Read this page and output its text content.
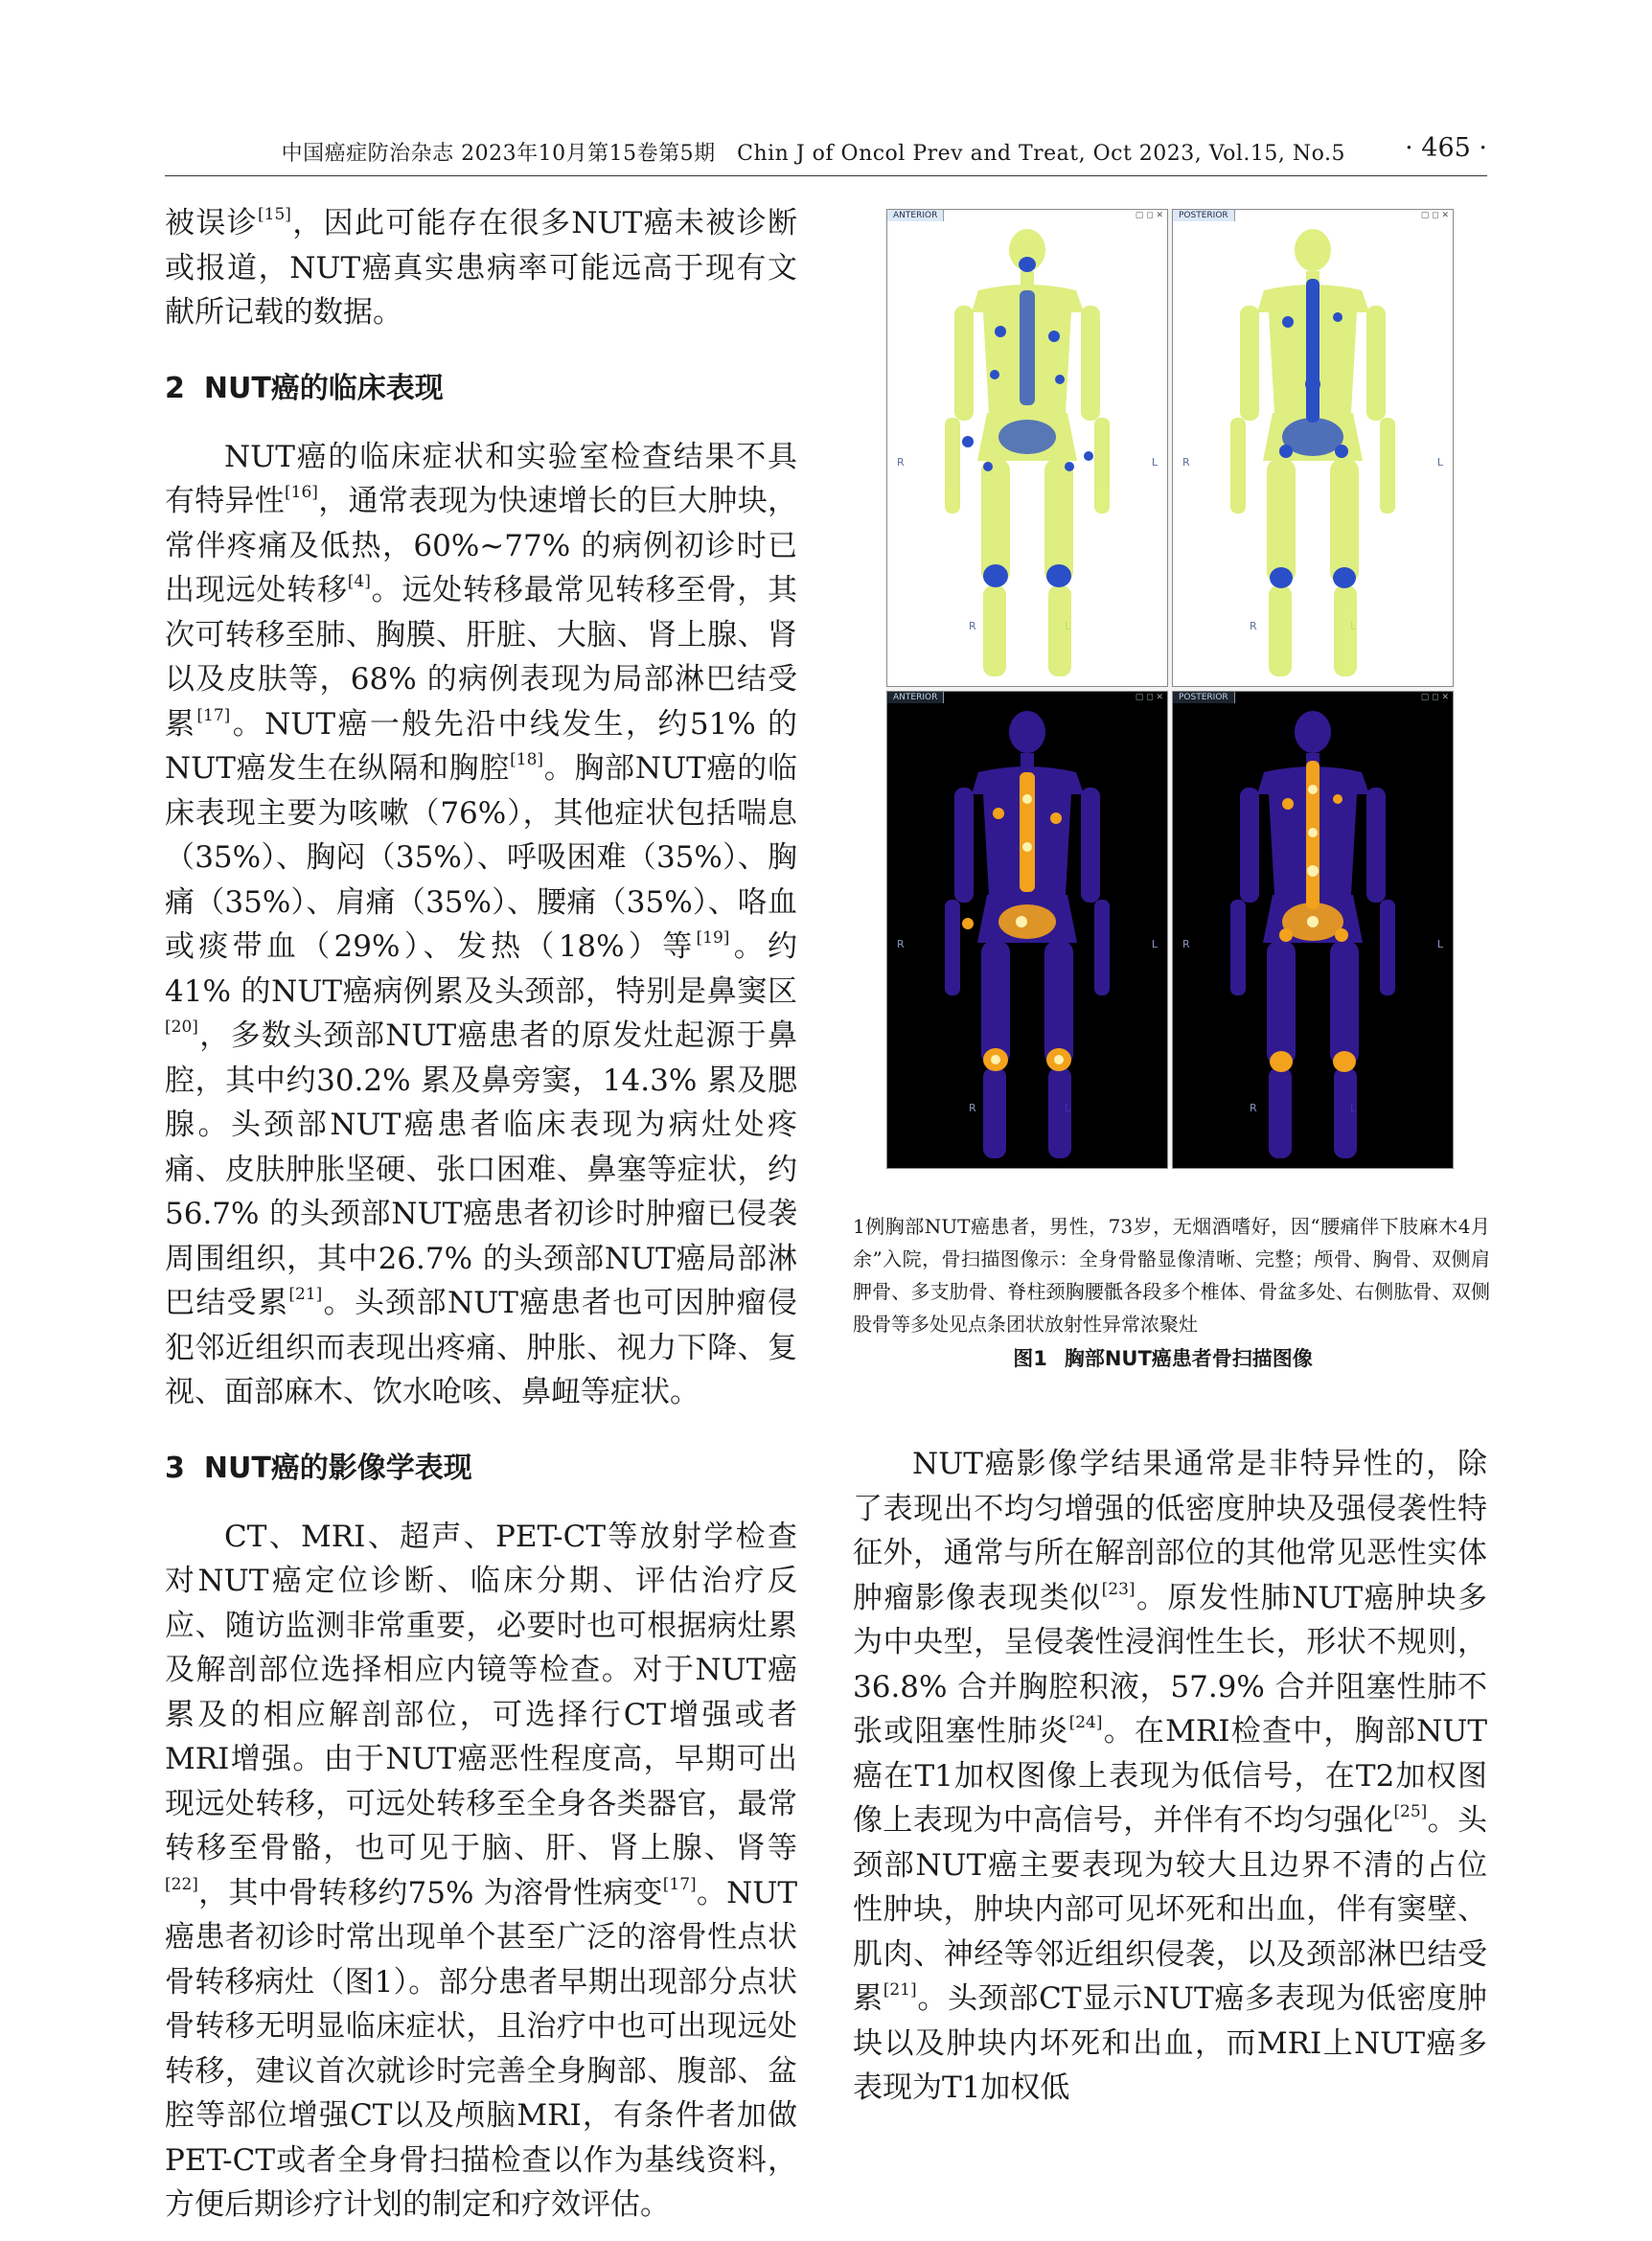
中国癌症防治杂志 2023年10月第15卷第5期　Chin J of Oncol Prev and Treat, Oct 2023, Vol.15, No.5 · 465 ·

被误诊[15]，因此可能存在很多NUT癌未被诊断或报道，NUT癌真实患病率可能远高于现有文献所记载的数据。

2 NUT癌的临床表现

NUT癌的临床症状和实验室检查结果不具有特异性[16]，通常表现为快速增长的巨大肿块，常伴疼痛及低热，60%~77% 的病例初诊时已出现远处转移[4]。远处转移最常见转移至骨，其次可转移至肺、胸膜、肝脏、大脑、肾上腺、肾以及皮肤等，68% 的病例表现为局部淋巴结受累[17]。NUT癌一般先沿中线发生，约51% 的NUT癌发生在纵隔和胸腔[18]。胸部NUT癌的临床表现主要为咳嗽（76%），其他症状包括喘息（35%）、胸闷（35%）、呼吸困难（35%）、胸痛（35%）、肩痛（35%）、腰痛（35%）、咯血或痰带血（29%）、发热（18%）等[19]。约41% 的NUT癌病例累及头颈部，特别是鼻窦区[20]，多数头颈部NUT癌患者的原发灶起源于鼻腔，其中约30.2% 累及鼻旁窦，14.3% 累及腮腺。头颈部NUT癌患者临床表现为病灶处疼痛、皮肤肿胀坚硬、张口困难、鼻塞等症状，约56.7% 的头颈部NUT癌患者初诊时肿瘤已侵袭周围组织，其中26.7% 的头颈部NUT癌局部淋巴结受累[21]。头颈部NUT癌患者也可因肿瘤侵犯邻近组织而表现出疼痛、肿胀、视力下降、复视、面部麻木、饮水呛咳、鼻衄等症状。

3 NUT癌的影像学表现

CT、MRI、超声、PET-CT等放射学检查对NUT癌定位诊断、临床分期、评估治疗反应、随访监测非常重要，必要时也可根据病灶累及解剖部位选择相应内镜等检查。对于NUT癌累及的相应解剖部位，可选择行CT增强或者MRI增强。由于NUT癌恶性程度高，早期可出现远处转移，可远处转移至全身各类器官，最常转移至骨骼，也可见于脑、肝、肾上腺、肾等[22]，其中骨转移约75% 为溶骨性病变[17]。NUT癌患者初诊时常出现单个甚至广泛的溶骨性点状骨转移病灶（图1）。部分患者早期出现部分点状骨转移无明显临床症状，且治疗中也可出现远处转移，建议首次就诊时完善全身胸部、腹部、盆腔等部位增强CT以及颅脑MRI，有条件者加做PET-CT或者全身骨扫描检查以作为基线资料，方便后期诊疗计划的制定和疗效评估。

ANTERIOR	▢ ◻ ✕
R	L
R
POSTERIOR	▢ ◻ ✕
R	L
R
ANTERIOR	▢ ◻ ✕
R	L
R
POSTERIOR	▢ ◻ ✕
R	L
R
1例胸部NUT癌患者，男性，73岁，无烟酒嗜好，因“腰痛伴下肢麻木4月余”入院，骨扫描图像示：全身骨骼显像清晰、完整；颅骨、胸骨、双侧肩胛骨、多支肋骨、脊柱颈胸腰骶各段多个椎体、骨盆多处、右侧肱骨、双侧股骨等多处见点条团状放射性异常浓聚灶
图1 胸部NUT癌患者骨扫描图像

NUT癌影像学结果通常是非特异性的，除了表现出不均匀增强的低密度肿块及强侵袭性特征外，通常与所在解剖部位的其他常见恶性实体肿瘤影像表现类似[23]。原发性肺NUT癌肿块多为中央型，呈侵袭性浸润性生长，形状不规则，36.8% 合并胸腔积液，57.9% 合并阻塞性肺不张或阻塞性肺炎[24]。在MRI检查中，胸部NUT癌在T1加权图像上表现为低信号，在T2加权图像上表现为中高信号，并伴有不均匀强化[25]。头颈部NUT癌主要表现为较大且边界不清的占位性肿块，肿块内部可见坏死和出血，伴有窦壁、肌肉、神经等邻近组织侵袭，以及颈部淋巴结受累[21]。头颈部CT显示NUT癌多表现为低密度肿块以及肿块内坏死和出血，而MRI上NUT癌多表现为T1加权低
